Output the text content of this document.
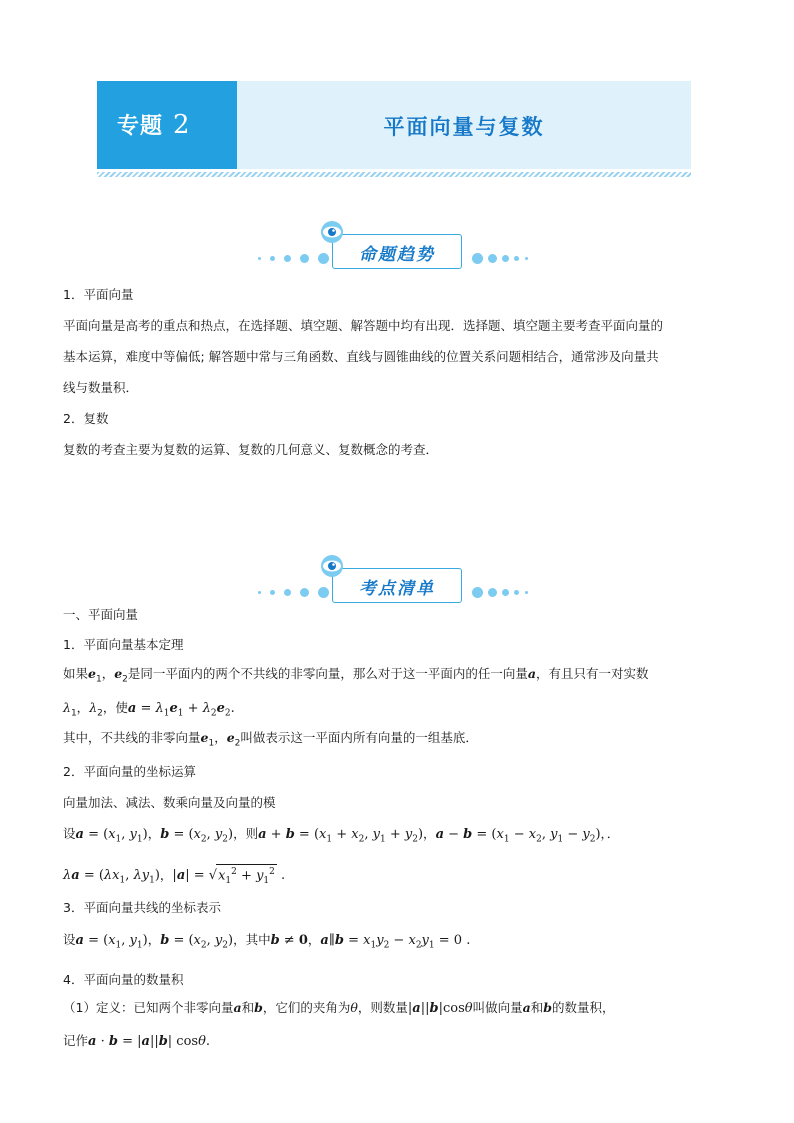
专题 2	平面向量与复数
命题趋势
1．平面向量
平面向量是高考的重点和热点，在选择题、填空题、解答题中均有出现．选择题、填空题主要考查平面向量的
基本运算，难度中等偏低; 解答题中常与三角函数、直线与圆锥曲线的位置关系问题相结合，通常涉及向量共
线与数量积．
2．复数
复数的考查主要为复数的运算、复数的几何意义、复数概念的考查．
考点清单
一、平面向量
1．平面向量基本定理
如果$e_1$，$e_2$是同一平面内的两个不共线的非零向量，那么对于这一平面内的任一向量a，有且只有一对实数
$\lambda_1$，$\lambda_2$，使$a = \lambda_1e_1 + \lambda_2e_2$.
其中，不共线的非零向量$e_1$，$e_2$叫做表示这一平面内所有向量的一组基底．
2．平面向量的坐标运算
向量加法、减法、数乘向量及向量的模
设$a = (x_1$, $y_1$)，$b = (x_2$, $y_2$)，则$a + b = (x_1 + x_2$, $y_1 + y_2$)，$a - b = (x_1 - x_2$, $y_1 - y_2$)，．
$\lambda a = (\lambda x_1$, $\lambda y_1$)，$|a| = √x_1^2 + y_1^2$ .
3．平面向量共线的坐标表示
设$a = (x_1$, $y_1$)，$b = (x_2$, $y_2$)，其中b ≠ 0，a∥b = $x_1y_2 - x_2y_1 = 0$ .
4．平面向量的数量积
（1）定义：已知两个非零向量a和b，它们的夹角为θ，则数量|a||b|cosθ叫做向量a和b的数量积，
记作a · b = |a||b| cosθ.
